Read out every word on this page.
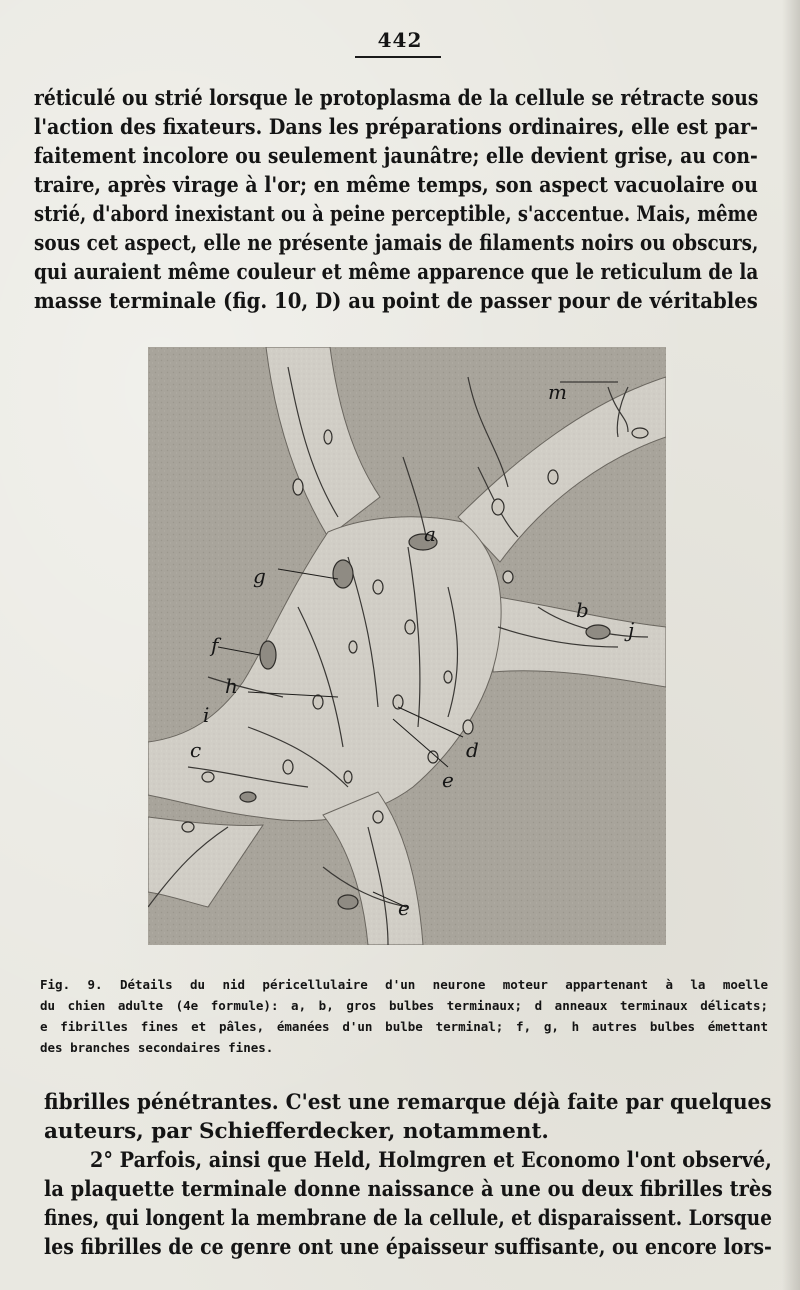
442
réticulé ou strié lorsque le protoplasma de la cellule se rétracte sous
l'action des fixateurs. Dans les préparations ordinaires, elle est par-
faitement incolore ou seulement jaunâtre; elle devient grise, au con-
traire, après virage à l'or; en même temps, son aspect vacuolaire ou
strié, d'abord inexistant ou à peine perceptible, s'accentue. Mais, même
sous cet aspect, elle ne présente jamais de filaments noirs ou obscurs,
qui auraient même couleur et même apparence que le reticulum de la
masse terminale (fig. 10, D) au point de passer pour de véritables
m
a
g
b
j
f
h
i
d
c
e
e
Fig. 9. Détails du nid péricellulaire d'un neurone moteur appartenant à la moelle
du chien adulte (4e formule): a, b, gros bulbes terminaux; d anneaux terminaux délicats;
e fibrilles fines et pâles, émanées d'un bulbe terminal; f, g, h autres bulbes émettant
des branches secondaires fines.
fibrilles pénétrantes. C'est une remarque déjà faite par quelques
auteurs, par Schiefferdecker, notamment.
2° Parfois, ainsi que Held, Holmgren et Economo l'ont observé,
la plaquette terminale donne naissance à une ou deux fibrilles très
fines, qui longent la membrane de la cellule, et disparaissent. Lorsque
les fibrilles de ce genre ont une épaisseur suffisante, ou encore lors-
